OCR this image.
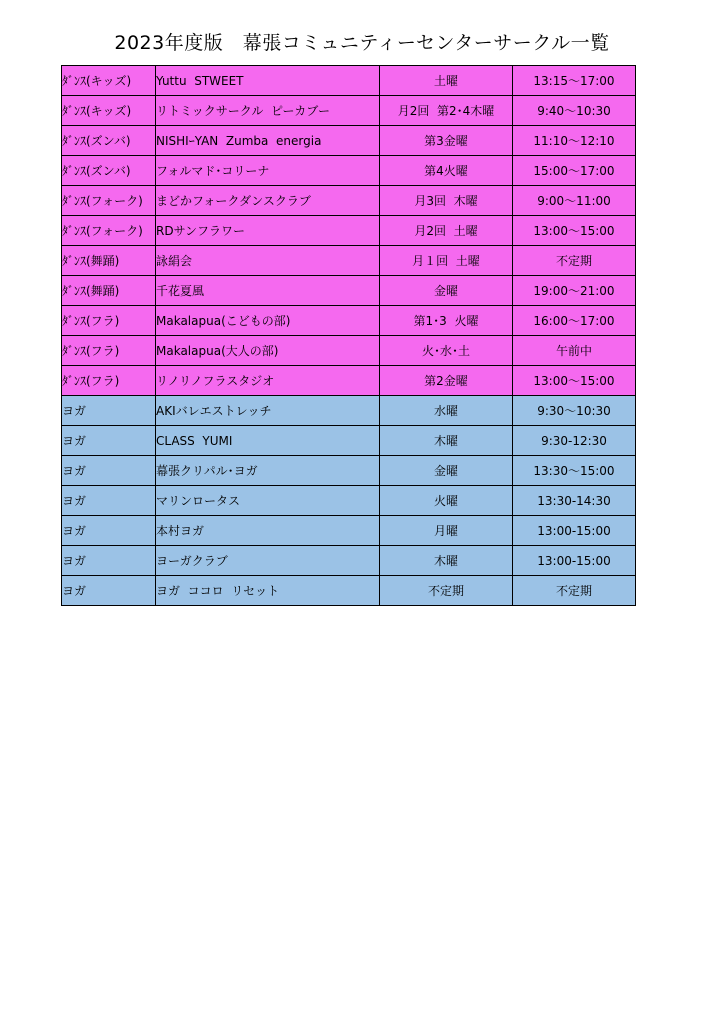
2023年度版　幕張コミュニティーセンターサークル一覧
ﾀﾞﾝｽ(キッズ)	Yuttu  STWEET	土曜	13:15～17:00
ﾀﾞﾝｽ(キッズ)	リトミックサークル  ピーカブー	月2回  第2･4木曜	9:40～10:30
ﾀﾞﾝｽ(ズンバ)	NISHIｰYAN  Zumba  energia	第3金曜	11:10～12:10
ﾀﾞﾝｽ(ズンバ)	フォルマド･コリーナ	第4火曜	15:00～17:00
ﾀﾞﾝｽ(フォーク)	まどかフォークダンスクラブ	月3回  木曜	9:00～11:00
ﾀﾞﾝｽ(フォーク)	RDサンフラワー	月2回  土曜	13:00～15:00
ﾀﾞﾝｽ(舞踊)	詠絹会	月１回  土曜	不定期
ﾀﾞﾝｽ(舞踊)	千花夏風	金曜	19:00～21:00
ﾀﾞﾝｽ(フラ)	Makalapua(こどもの部)	第1･3  火曜	16:00～17:00
ﾀﾞﾝｽ(フラ)	Makalapua(大人の部)	火･水･土	午前中
ﾀﾞﾝｽ(フラ)	リノリノフラスタジオ	第2金曜	13:00～15:00
ヨガ	AKIバレエストレッチ	水曜	9:30～10:30
ヨガ	CLASS  YUMI	木曜	9:30-12:30
ヨガ	幕張クリパル･ヨガ	金曜	13:30～15:00
ヨガ	マリンロータス	火曜	13:30-14:30
ヨガ	本村ヨガ	月曜	13:00-15:00
ヨガ	ヨーガクラブ	木曜	13:00-15:00
ヨガ	ヨガ  ココロ  リセット	不定期	不定期
